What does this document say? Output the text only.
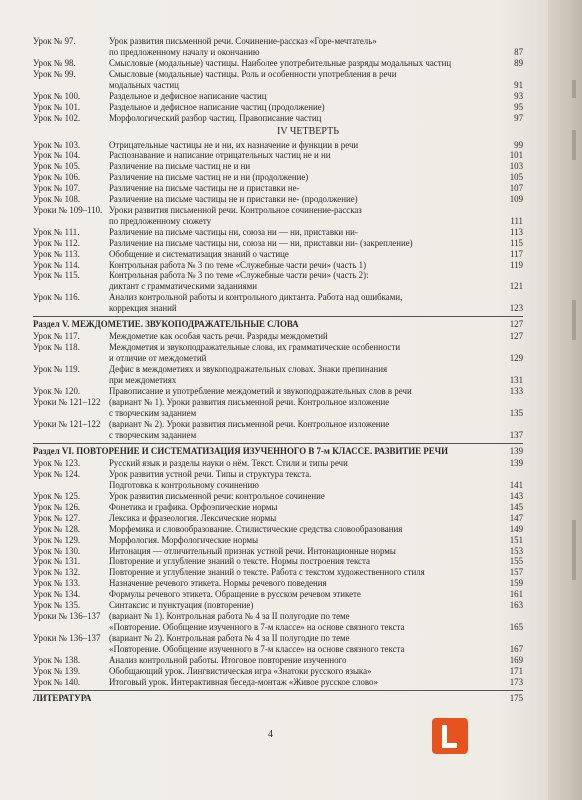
Урок № 97.	Урок развития письменной речи. Сочинение-рассказ «Горе-мечтатель»
по предложенному началу и окончанию	87
Урок № 98.	Смысловые (модальные) частицы. Наиболее употребительные разряды модальных частиц	89
Урок № 99.	Смысловые (модальные) частицы. Роль и особенности употребления в речи
модальных частиц	91
Урок № 100.	Раздельное и дефисное написание частиц	93
Урок № 101.	Раздельное и дефисное написание частиц (продолжение)	95
Урок № 102.	Морфологический разбор частиц. Правописание частиц	97
IV ЧЕТВЕРТЬ
Урок № 103.	Отрицательные частицы не и ни, их назначение и функции в речи	99
Урок № 104.	Распознавание и написание отрицательных частиц не и ни	101
Урок № 105.	Различение на письме частиц не и ни	103
Урок № 106.	Различение на письме частиц не и ни (продолжение)	105
Урок № 107.	Различение на письме частицы не и приставки не-	107
Урок № 108.	Различение на письме частицы не и приставки не- (продолжение)	109
Уроки № 109–110. Уроки развития письменной речи. Контрольное сочинение-рассказ
по предложенному сюжету	111
Урок № 111.	Различение на письме частицы ни, союза ни — ни, приставки ни-	113
Урок № 112.	Различение на письме частицы ни, союза ни — ни, приставки ни- (закрепление)	115
Урок № 113.	Обобщение и систематизация знаний о частице	117
Урок № 114.	Контрольная работа № 3 по теме «Служебные части речи» (часть 1)	119
Урок № 115.	Контрольная работа № 3 по теме «Служебные части речи» (часть 2):
диктант с грамматическими заданиями	121
Урок № 116.	Анализ контрольной работы и контрольного диктанта. Работа над ошибками,
коррекция знаний	123
Раздел V. МЕЖДОМЕТИЕ. ЗВУКОПОДРАЖАТЕЛЬНЫЕ СЛОВА	127
Урок № 117.	Междометие как особая часть речи. Разряды междометий	127
Урок № 118.	Междометия и звукоподражательные слова, их грамматические особенности
и отличие от междометий	129
Урок № 119.	Дефис в междометиях и звукоподражательных словах. Знаки препинания
при междометиях	131
Урок № 120.	Правописание и употребление междометий и звукоподражательных слов в речи	133
Уроки № 121–122 (вариант № 1). Уроки развития письменной речи. Контрольное изложение
с творческим заданием	135
Уроки № 121–122 (вариант № 2). Уроки развития письменной речи. Контрольное изложение
с творческим заданием	137
Раздел VI. ПОВТОРЕНИЕ И СИСТЕМАТИЗАЦИЯ ИЗУЧЕННОГО В 7-м КЛАССЕ. РАЗВИТИЕ РЕЧИ	139
Урок № 123.	Русский язык и разделы науки о нём. Текст. Стили и типы речи	139
Урок № 124.	Урок развития устной речи. Типы и структура текста.
Подготовка к контрольному сочинению	141
Урок № 125.	Урок развития письменной речи: контрольное сочинение	143
Урок № 126.	Фонетика и графика. Орфоэпические нормы	145
Урок № 127.	Лексика и фразеология. Лексические нормы	147
Урок № 128.	Морфемика и словообразование. Стилистические средства словообразования	149
Урок № 129.	Морфология. Морфологические нормы	151
Урок № 130.	Интонация — отличительный признак устной речи. Интонационные нормы	153
Урок № 131.	Повторение и углубление знаний о тексте. Нормы построения текста	155
Урок № 132.	Повторение и углубление знаний о тексте. Работа с текстом художественного стиля	157
Урок № 133.	Назначение речевого этикета. Нормы речевого поведения	159
Урок № 134.	Формулы речевого этикета. Обращение в русском речевом этикете	161
Урок № 135.	Синтаксис и пунктуация (повторение)	163
Уроки № 136–137 (вариант № 1). Контрольная работа № 4 за II полугодие по теме
«Повторение. Обобщение изученного в 7-м классе» на основе связного текста	165
Уроки № 136–137 (вариант № 2). Контрольная работа № 4 за II полугодие по теме
«Повторение. Обобщение изученного в 7-м классе» на основе связного текста	167
Урок № 138.	Анализ контрольной работы. Итоговое повторение изученного	169
Урок № 139.	Обобщающий урок. Лингвистическая игра «Знатоки русского языка»	171
Урок № 140.	Итоговый урок. Интерактивная беседа-монтаж «Живое русское слово»	173
ЛИТЕРАТУРА	175
4
